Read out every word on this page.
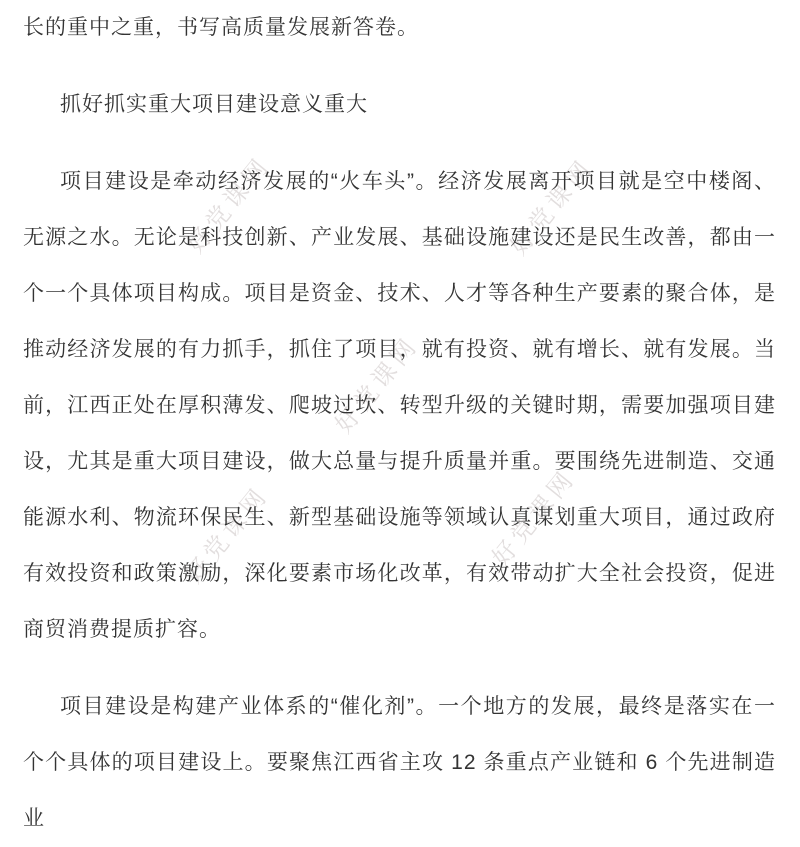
好党课网	好党课网
好党课网
好党课网	好党课网

长的重中之重，书写高质量发展新答卷。

抓好抓实重大项目建设意义重大

项目建设是牵动经济发展的“火车头”。经济发展离开项目就是空中楼阁、无源之水。无论是科技创新、产业发展、基础设施建设还是民生改善，都由一个一个具体项目构成。项目是资金、技术、人才等各种生产要素的聚合体，是推动经济发展的有力抓手，抓住了项目，就有投资、就有增长、就有发展。当前，江西正处在厚积薄发、爬坡过坎、转型升级的关键时期，需要加强项目建设，尤其是重大项目建设，做大总量与提升质量并重。要围绕先进制造、交通能源水利、物流环保民生、新型基础设施等领域认真谋划重大项目，通过政府有效投资和政策激励，深化要素市场化改革，有效带动扩大全社会投资，促进商贸消费提质扩容。

项目建设是构建产业体系的“催化剂”。一个地方的发展，最终是落实在一个个具体的项目建设上。要聚焦江西省主攻 12 条重点产业链和 6 个先进制造业
